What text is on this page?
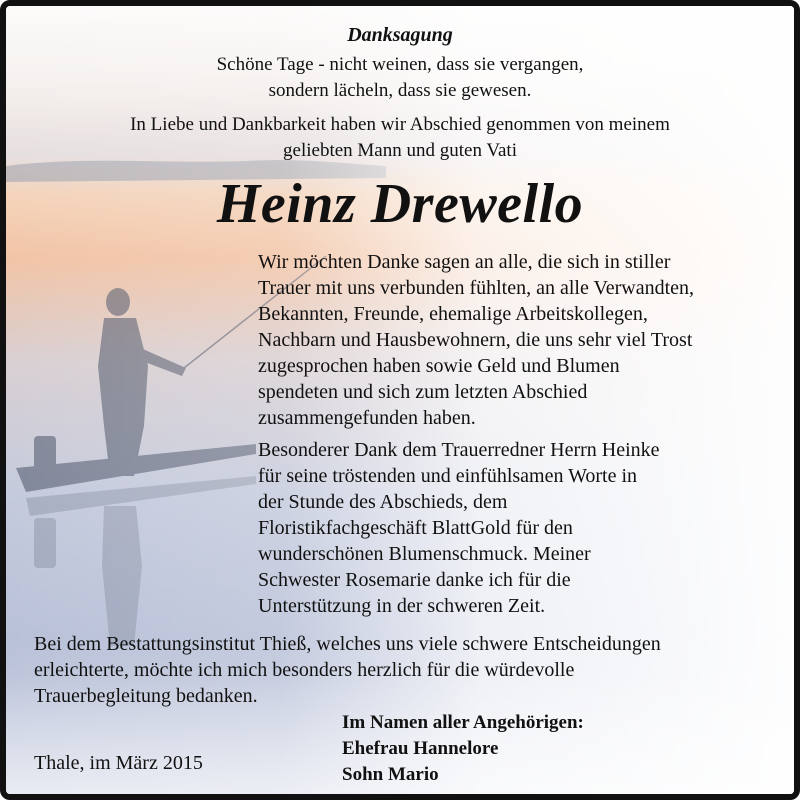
Danksagung

Schöne Tage - nicht weinen, dass sie vergangen,

sondern lächeln, dass sie gewesen.

In Liebe und Dankbarkeit haben wir Abschied genommen von meinem

geliebten Mann und guten Vati

Heinz Drewello

Wir möchten Danke sagen an alle, die sich in stiller

Trauer mit uns verbunden fühlten, an alle Verwandten,

Bekannten, Freunde, ehemalige Arbeitskollegen,

Nachbarn und Hausbewohnern, die uns sehr viel Trost

zugesprochen haben sowie Geld und Blumen

spendeten und sich zum letzten Abschied

zusammengefunden haben.

Besonderer Dank dem Trauerredner Herrn Heinke

für seine tröstenden und einfühlsamen Worte in

der Stunde des Abschieds, dem

Floristikfachgeschäft BlattGold für den

wunderschönen Blumenschmuck. Meiner

Schwester Rosemarie danke ich für die

Unterstützung in der schweren Zeit.

Bei dem Bestattungsinstitut Thieß, welches uns viele schwere Entscheidungen

erleichterte, möchte ich mich besonders herzlich für die würdevolle

Trauerbegleitung bedanken.

Im Namen aller Angehörigen:

Ehefrau Hannelore

Sohn Mario

Thale, im März 2015
